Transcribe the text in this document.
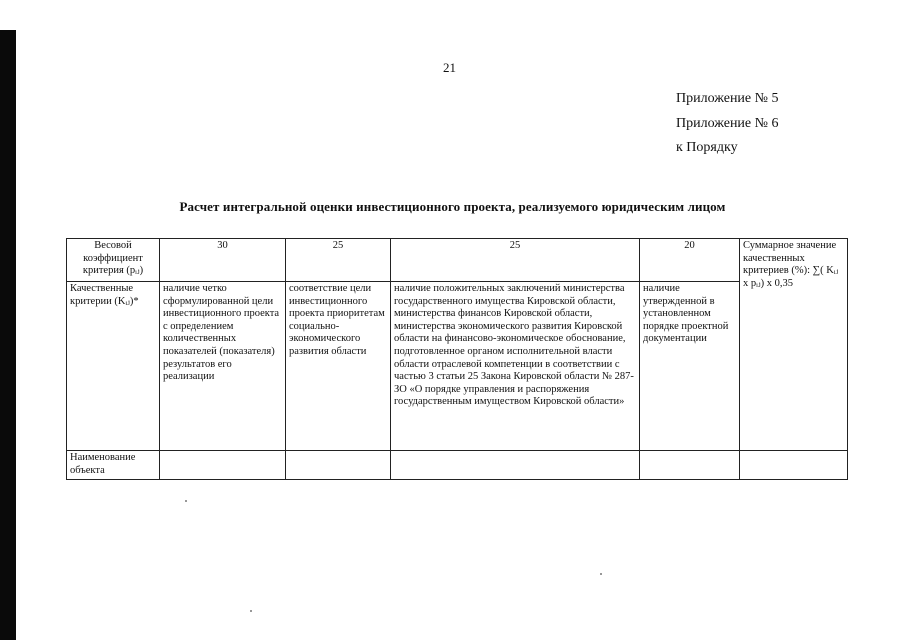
21
Приложение № 5
Приложение № 6
к Порядку
Расчет интегральной оценки инвестиционного проекта, реализуемого юридическим лицом
Весовой коэффициент критерия (pᵢⱼ)	30	25	25	20	Суммарное значение качественных критериев (%): ∑( Kᵢⱼ x pᵢⱼ) x 0,35
Качественные критерии (Kᵢⱼ)*	наличие четко сформулированной цели инвестиционного проекта с определением количественных показателей (показателя) результатов его реализации	соответствие цели инвестиционного проекта приоритетам социально-экономического развития области	наличие положительных заключений министерства государственного имущества Кировской области, министерства финансов Кировской области, министерства экономического развития Кировской области на финансово-экономическое обоснование, подготовленное органом исполнительной власти области отраслевой компетенции в соответствии с частью 3 статьи 25 Закона Кировской области № 287-ЗО «О порядке управления и распоряжения государственным имуществом Кировской области»	наличие утвержденной в установленном порядке проектной документации	
Наименование объекта					
